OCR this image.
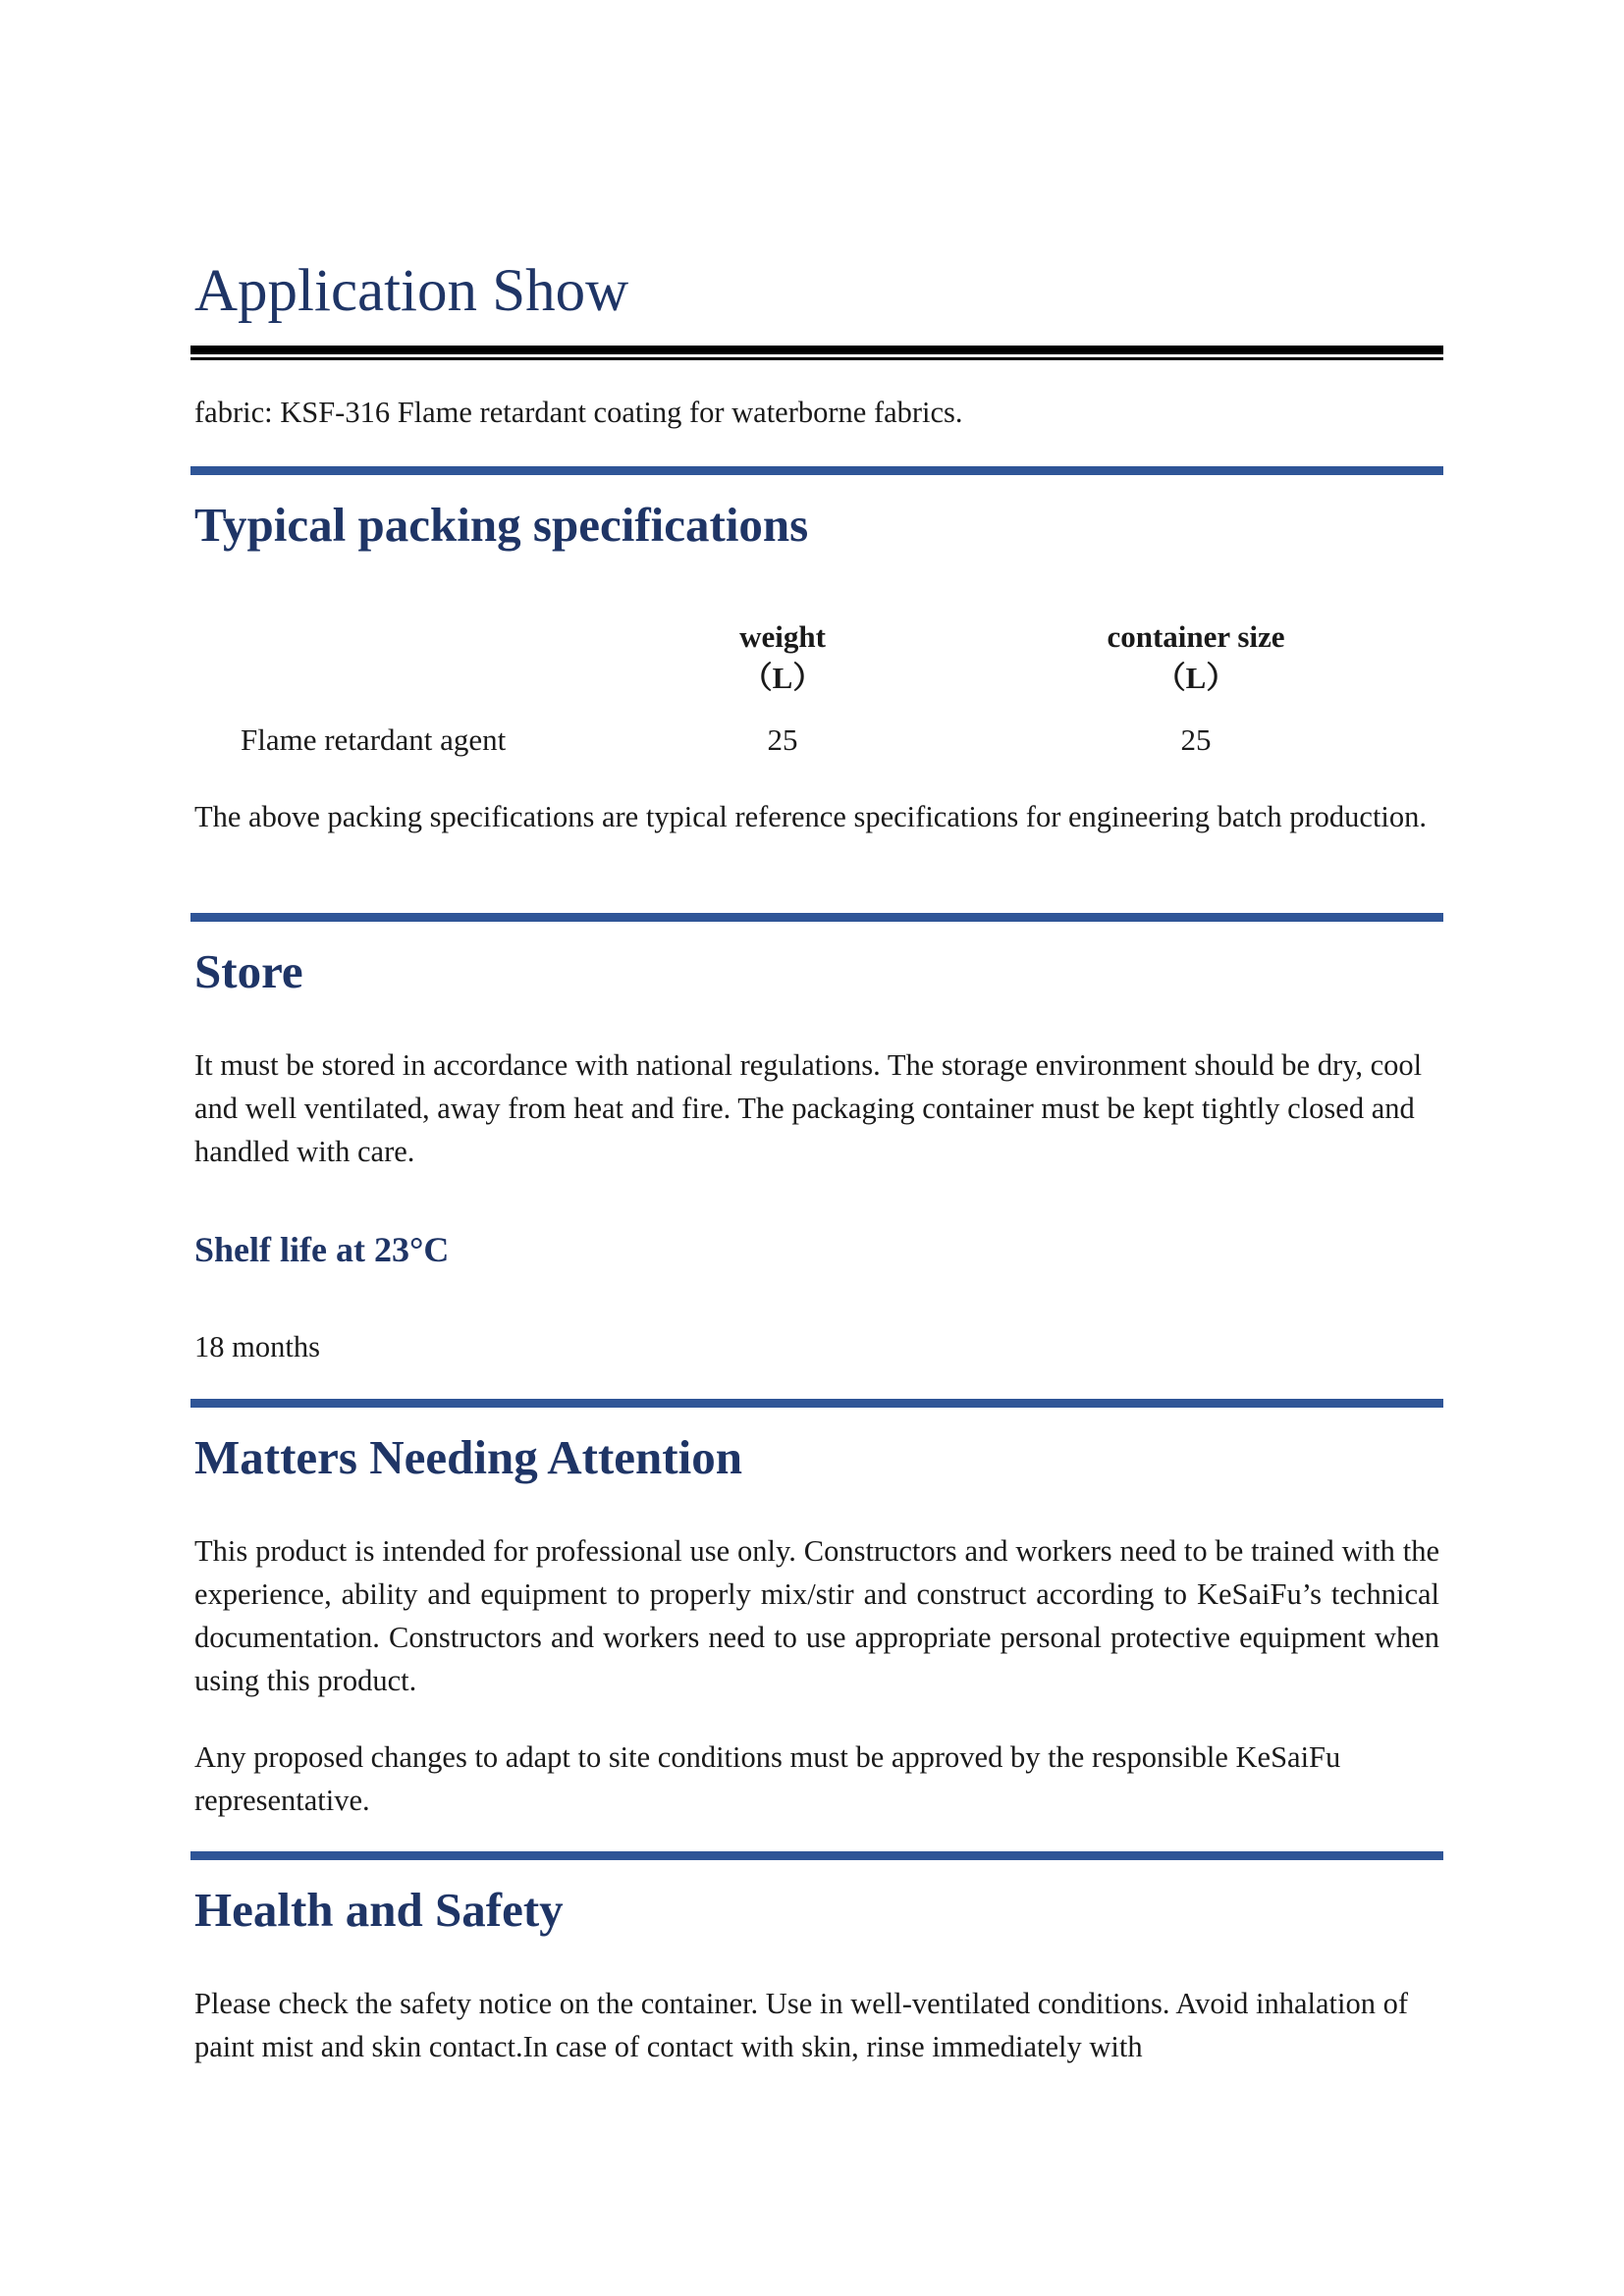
Application Show

fabric: KSF-316 Flame retardant coating for waterborne fabrics.

Typical packing specifications
weight
（L）
container size
（L）
Flame retardant agent	25	25

The above packing specifications are typical reference specifications for engineering batch production.

Store

It must be stored in accordance with national regulations. The storage environment should be dry, cool and well ventilated, away from heat and fire. The packaging container must be kept tightly closed and handled with care.

Shelf life at 23°C

18 months

Matters Needing Attention

This product is intended for professional use only. Constructors and workers need to be trained with the experience, ability and equipment to properly mix/stir and construct according to KeSaiFu’s technical documentation. Constructors and workers need to use appropriate personal protective equipment when using this product.

Any proposed changes to adapt to site conditions must be approved by the responsible KeSaiFu representative.

Health and Safety

Please check the safety notice on the container. Use in well-ventilated conditions. Avoid inhalation of paint mist and skin contact.In case of contact with skin, rinse immediately with
